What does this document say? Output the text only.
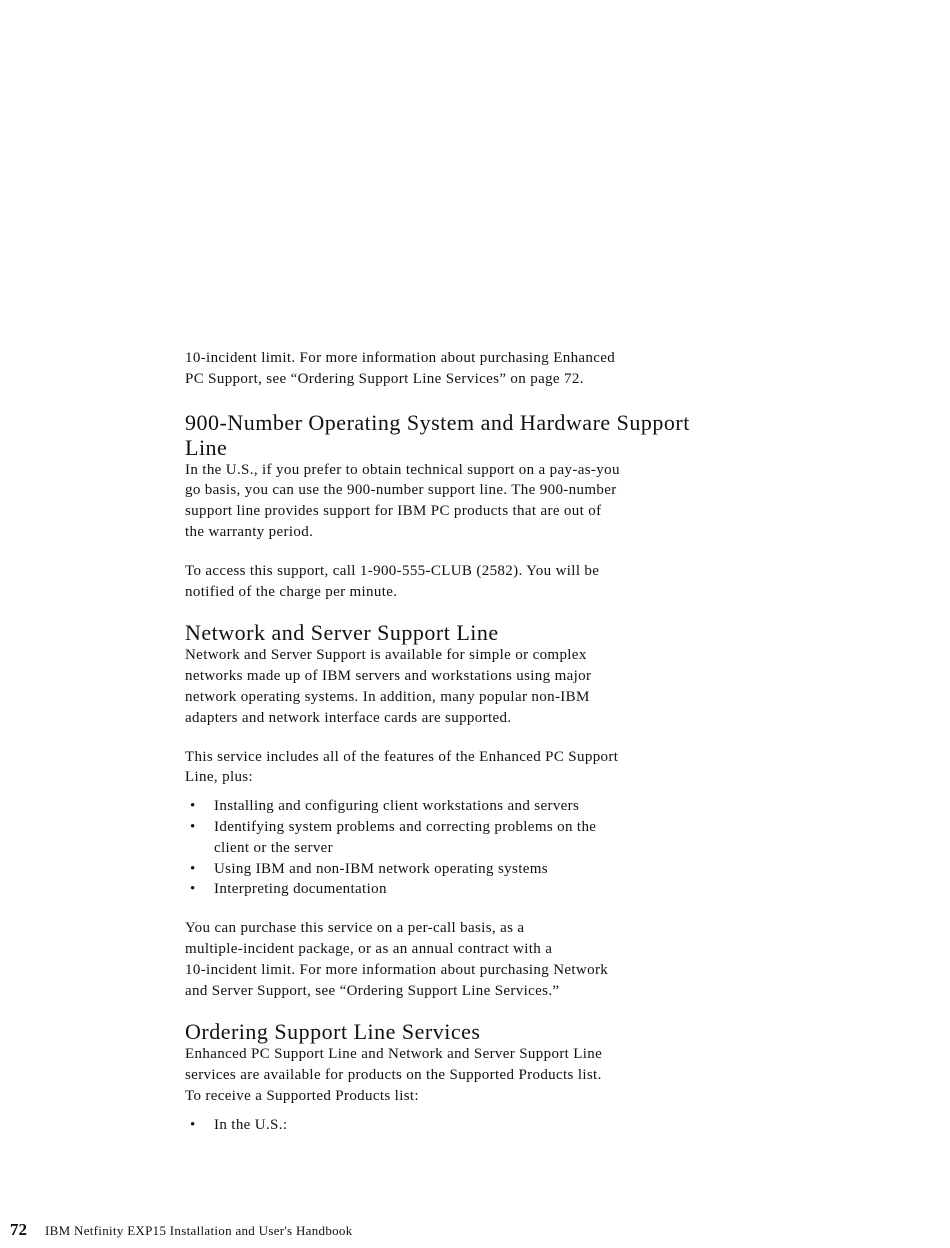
10-incident limit. For more information about purchasing Enhanced
PC Support, see “Ordering Support Line Services” on page 72.

900-Number Operating System and Hardware Support
Line

In the U.S., if you prefer to obtain technical support on a pay-as-you
go basis, you can use the 900-number support line. The 900-number
support line provides support for IBM PC products that are out of
the warranty period.

To access this support, call 1-900-555-CLUB (2582). You will be
notified of the charge per minute.

Network and Server Support Line

Network and Server Support is available for simple or complex
networks made up of IBM servers and workstations using major
network operating systems. In addition, many popular non-IBM
adapters and network interface cards are supported.

This service includes all of the features of the Enhanced PC Support
Line, plus:

• Installing and configuring client workstations and servers
• Identifying system problems and correcting problems on the
client or the server
• Using IBM and non-IBM network operating systems
• Interpreting documentation

You can purchase this service on a per-call basis, as a
multiple-incident package, or as an annual contract with a
10-incident limit. For more information about purchasing Network
and Server Support, see “Ordering Support Line Services.”

Ordering Support Line Services

Enhanced PC Support Line and Network and Server Support Line
services are available for products on the Supported Products list.
To receive a Supported Products list:

• In the U.S.:
72 IBM Netfinity EXP15 Installation and User's Handbook
